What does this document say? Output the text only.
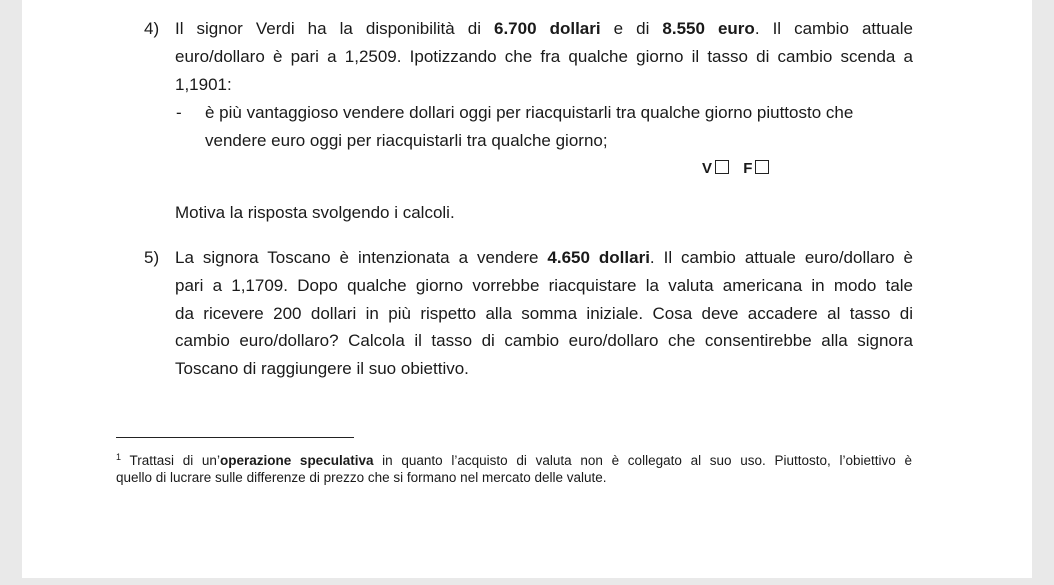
4) Il signor Verdi ha la disponibilità di 6.700 dollari e di 8.550 euro. Il cambio attuale
euro/dollaro è pari a 1,2509. Ipotizzando che fra qualche giorno il tasso di cambio scenda a
1,1901:
- è più vantaggioso vendere dollari oggi per riacquistarli tra qualche giorno piuttosto che
vendere euro oggi per riacquistarli tra qualche giorno;
V F
Motiva la risposta svolgendo i calcoli.
5) La signora Toscano è intenzionata a vendere 4.650 dollari. Il cambio attuale euro/dollaro è
pari a 1,1709. Dopo qualche giorno vorrebbe riacquistare la valuta americana in modo tale
da ricevere 200 dollari in più rispetto alla somma iniziale. Cosa deve accadere al tasso di
cambio euro/dollaro? Calcola il tasso di cambio euro/dollaro che consentirebbe alla signora
Toscano di raggiungere il suo obiettivo.
$^1$ Trattasi di un’operazione speculativa in quanto l’acquisto di valuta non è collegato al suo uso. Piuttosto, l’obiettivo è
quello di lucrare sulle differenze di prezzo che si formano nel mercato delle valute.
